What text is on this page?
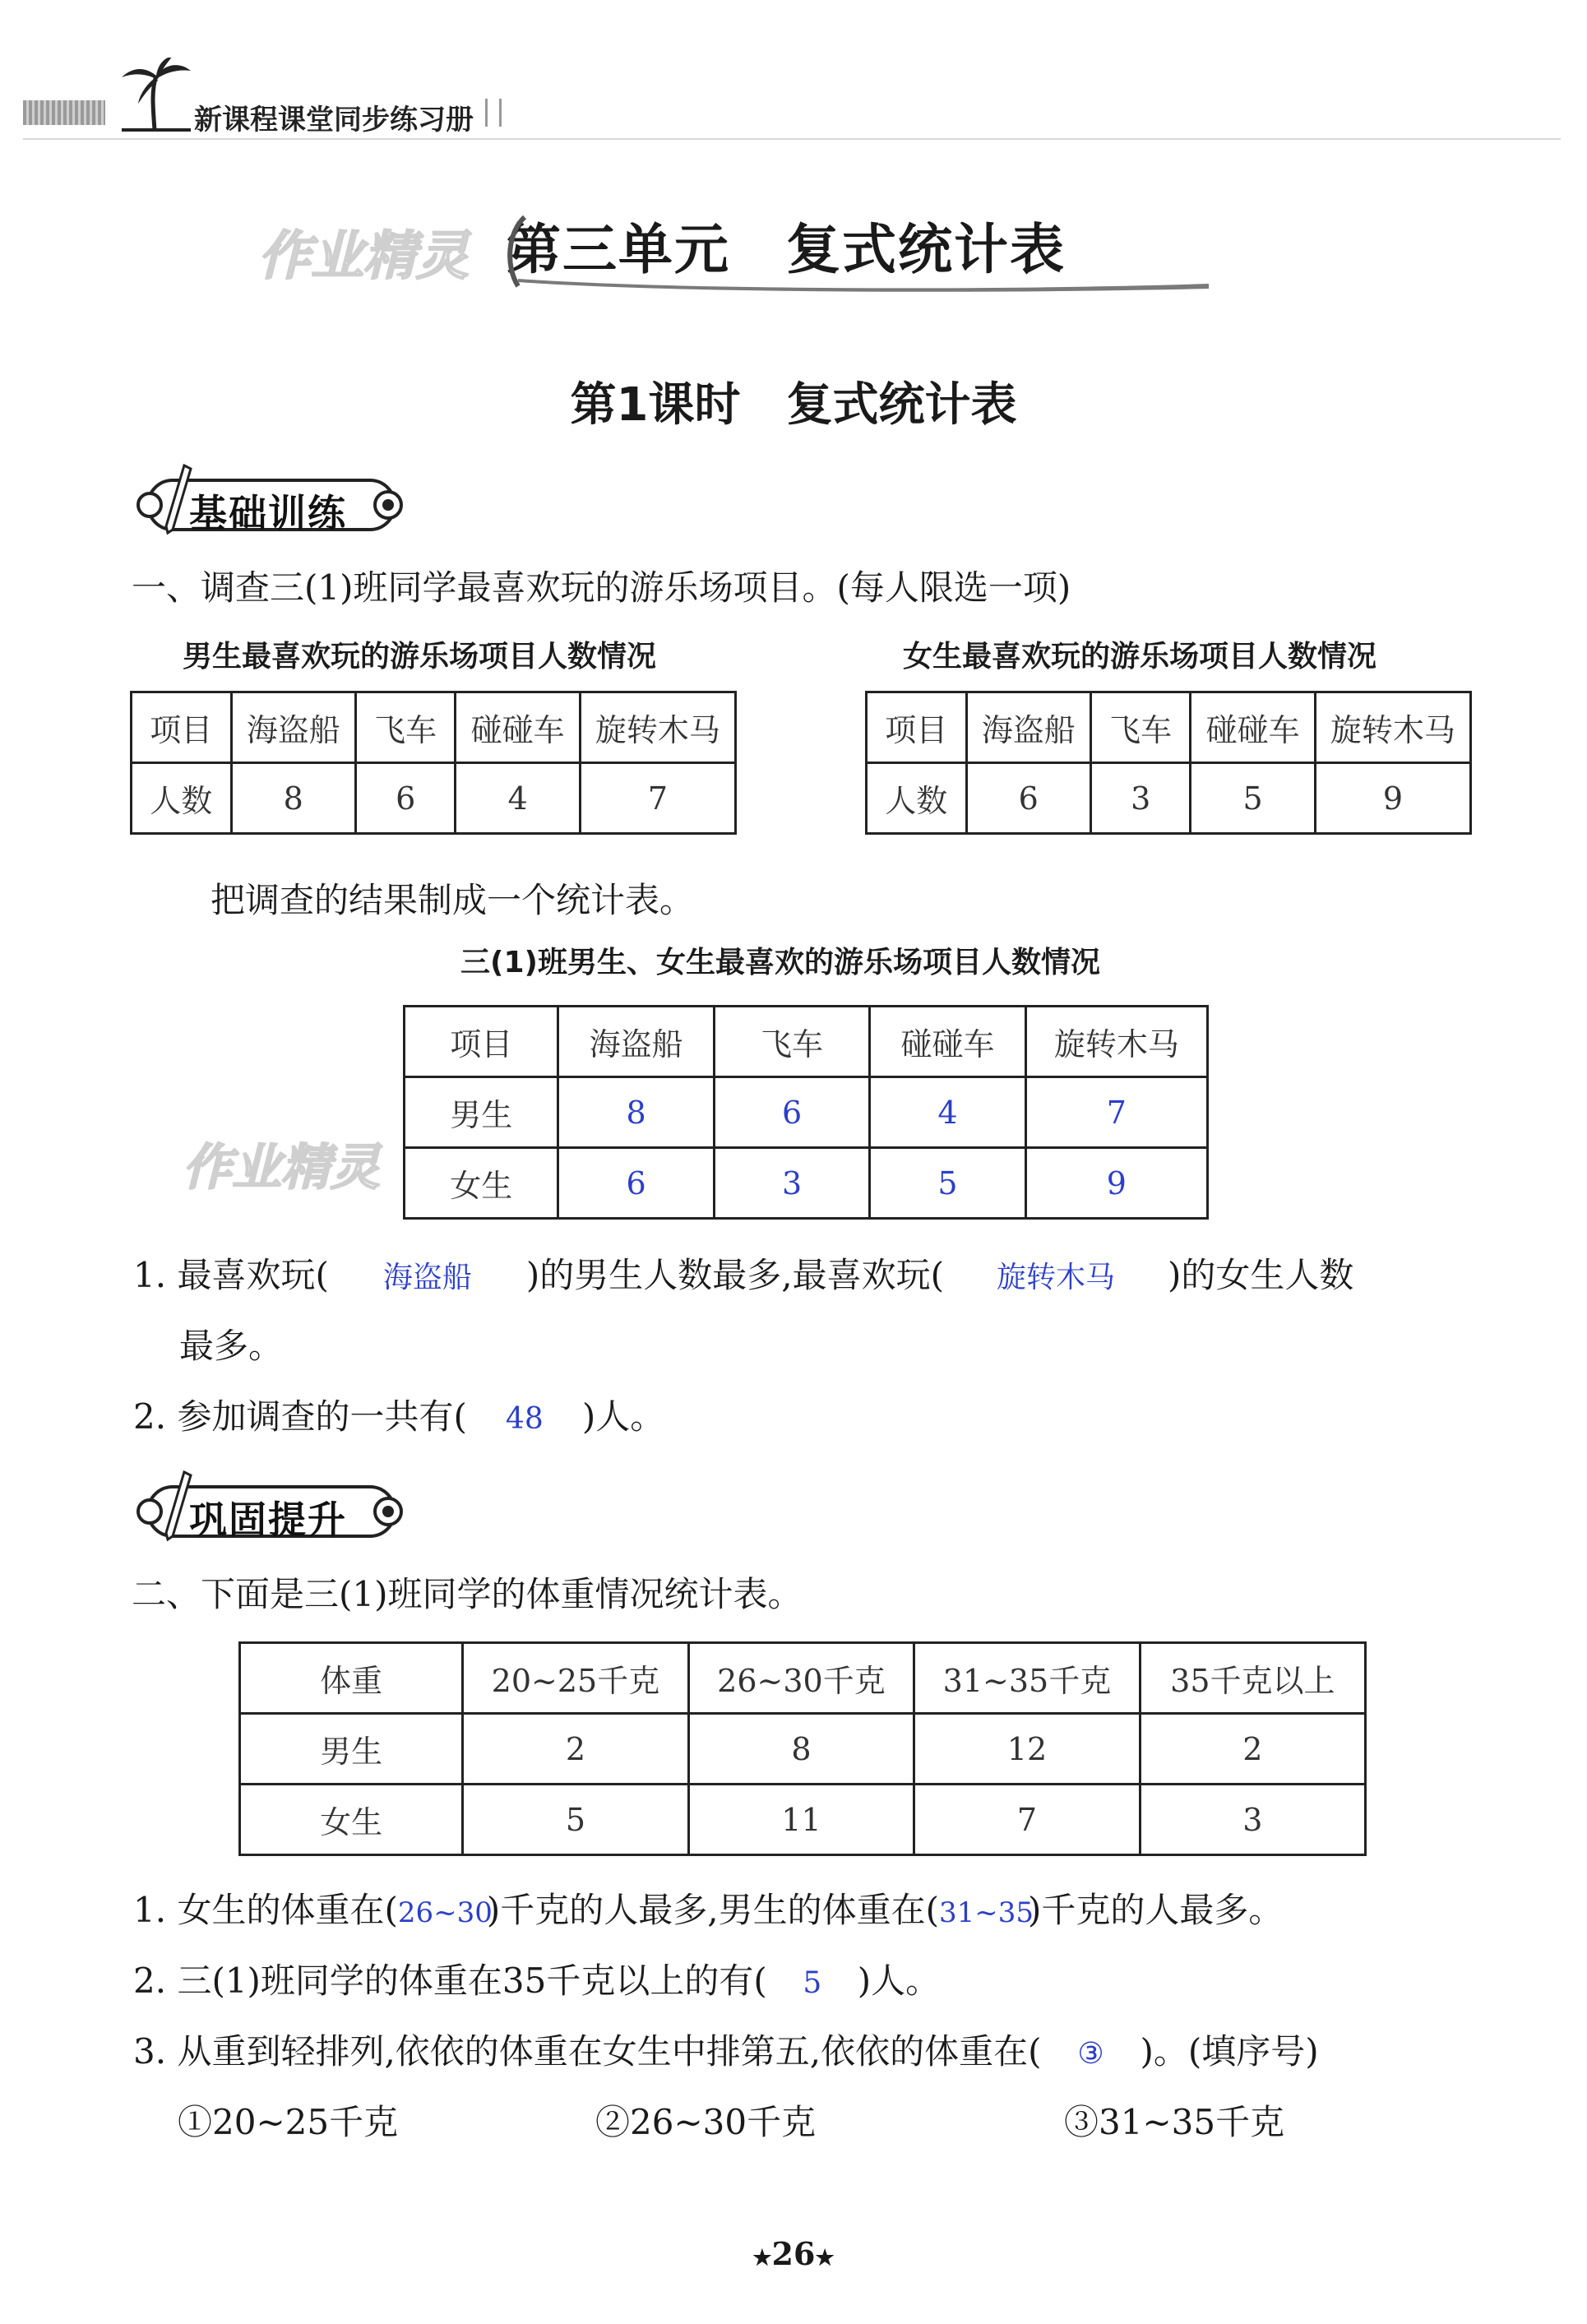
新课程课堂同步练习册
作业精灵 第三单元　复式统计表
第1课时　复式统计表
基础训练
一、调查三(1)班同学最喜欢玩的游乐场项目。(每人限选一项)
男生最喜欢玩的游乐场项目人数情况	女生最喜欢玩的游乐场项目人数情况
项目	海盗船	飞车	碰碰车	旋转木马
人数	8	6	4	7
项目	海盗船	飞车	碰碰车	旋转木马
人数	6	3	5	9
把调查的结果制成一个统计表。
三(1)班男生、女生最喜欢的游乐场项目人数情况
项目	海盗船	飞车	碰碰车	旋转木马
男生	8	6	4	7
女生	6	3	5	9
作业精灵
1. 最喜欢玩( 海盗船 )的男生人数最多,最喜欢玩( 旋转木马 )的女生人数
最多。
2. 参加调查的一共有( 48 )人。
巩固提升
二、下面是三(1)班同学的体重情况统计表。
体重	20~25千克	26~30千克	31~35千克	35千克以上
男生	2	8	12	2
女生	5	11	7	3
1. 女生的体重在(26~30)千克的人最多,男生的体重在(31~35)千克的人最多。
2. 三(1)班同学的体重在35千克以上的有( 5 )人。
3. 从重到轻排列,依依的体重在女生中排第五,依依的体重在( ③ )。(填序号)
①20~25千克	②26~30千克	③31~35千克
★26★
